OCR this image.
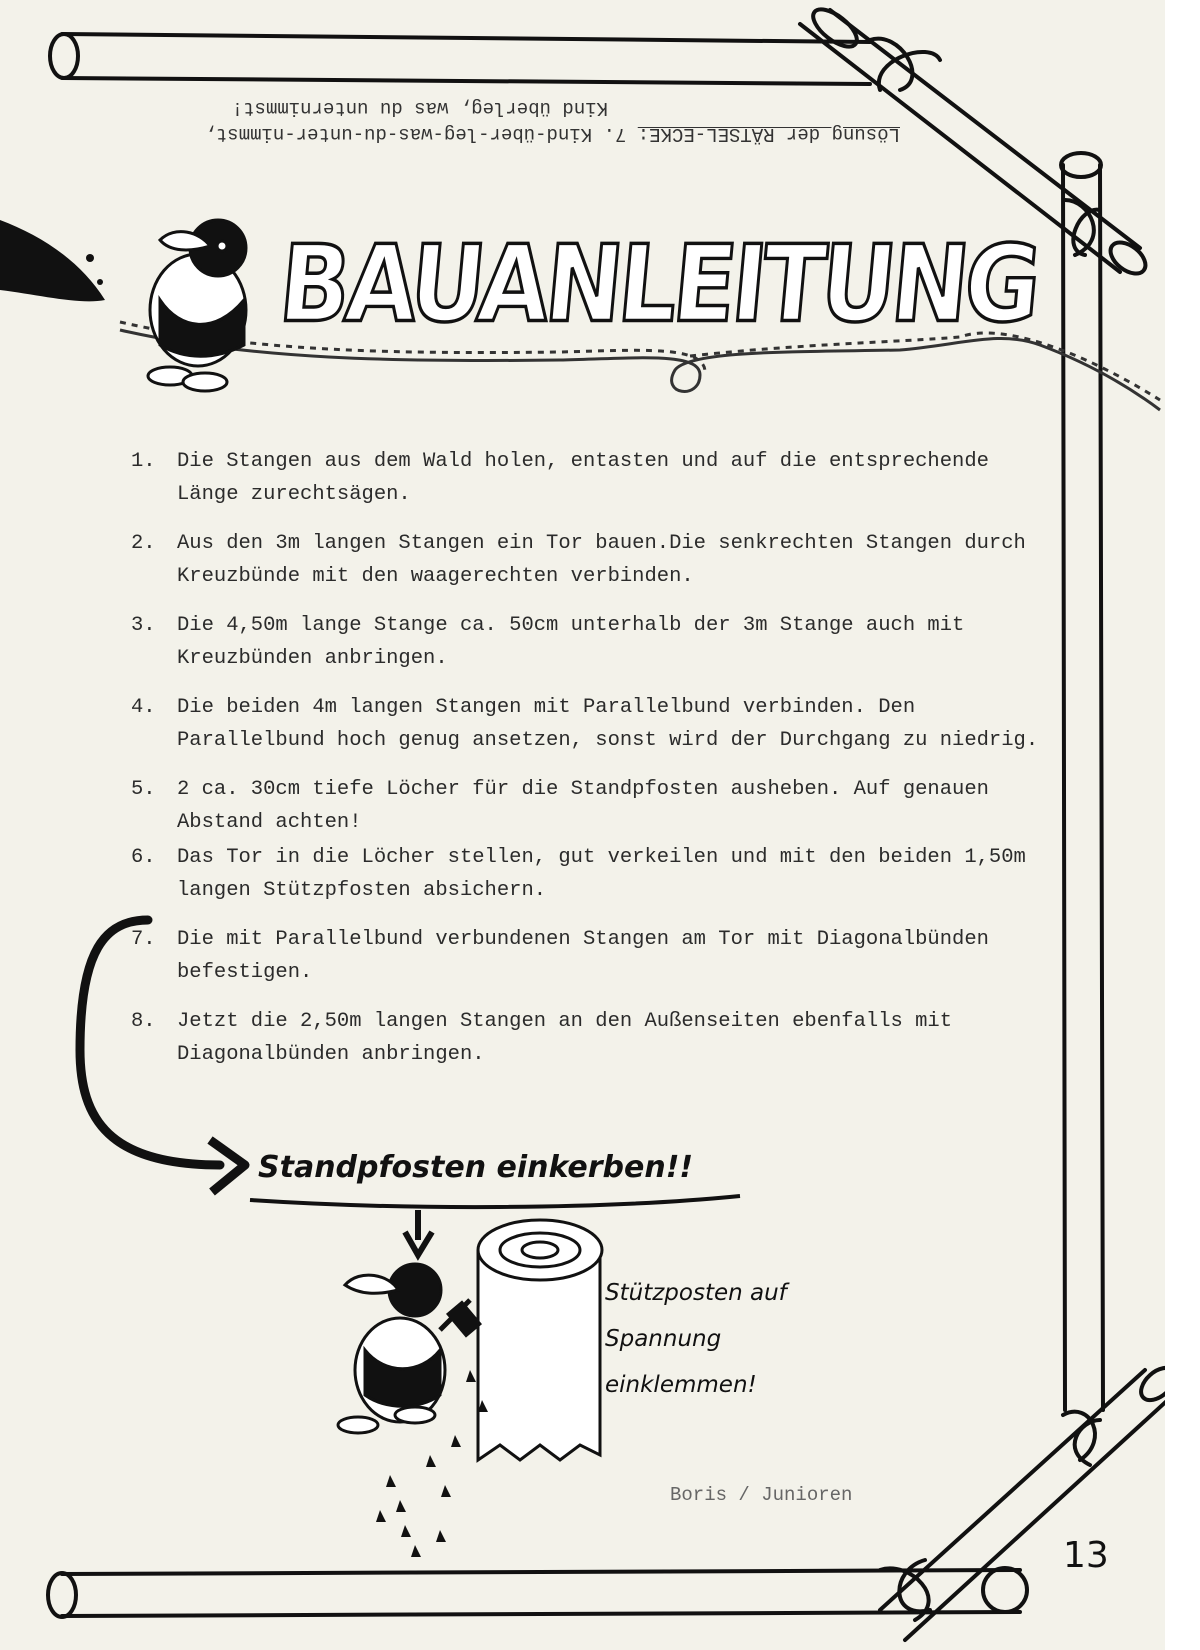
Lösung der RÄTSEL-ECKE: 7. Kind-über-leg-was-du-unter-nimmst,
Kind überleg, was du unternimmst!
BAUANLEITUNG
1. Die Stangen aus dem Wald holen, entasten und auf die entsprechende Länge zurechtsägen.
2. Aus den 3m langen Stangen ein Tor bauen.Die senkrechten Stangen durch Kreuzbünde mit den waagerechten verbinden.
3. Die 4,50m lange Stange ca. 50cm unterhalb der 3m Stange auch mit Kreuzbünden anbringen.
4. Die beiden 4m langen Stangen mit Parallelbund verbinden. Den Parallelbund hoch genug ansetzen, sonst wird der Durchgang zu niedrig.
5. 2 ca. 30cm tiefe Löcher für die Standpfosten ausheben. Auf genauen Abstand achten!
6. Das Tor in die Löcher stellen, gut verkeilen und mit den beiden 1,50m langen Stützpfosten absichern.
7. Die mit Parallelbund verbundenen Stangen am Tor mit Diagonalbünden befestigen.
8. Jetzt die 2,50m langen Stangen an den Außenseiten ebenfalls mit Diagonalbünden anbringen.
Standpfosten einkerben!!
Stützposten auf Spannung einklemmen!
Boris / Junioren
13
